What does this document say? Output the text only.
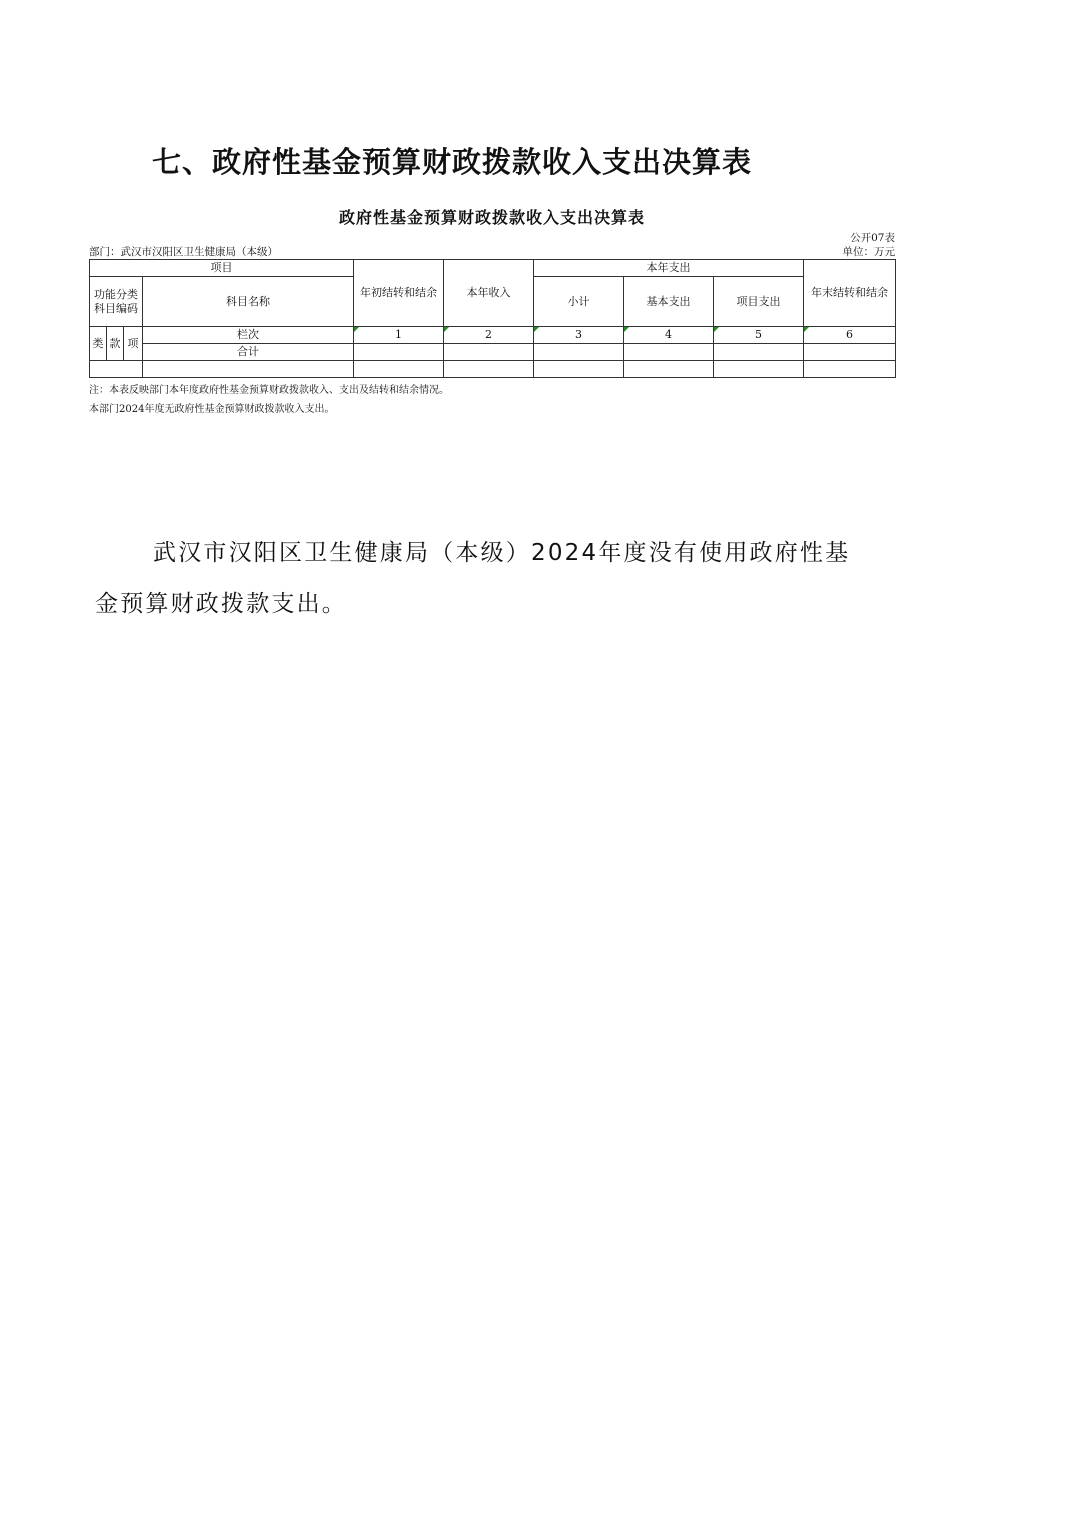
七、政府性基金预算财政拨款收入支出决算表
政府性基金预算财政拨款收入支出决算表
公开07表
部门：武汉市汉阳区卫生健康局（本级）	单位：万元
项目				年初结转和结余	本年收入	本年支出			年末结转和结余
功能分类科目编码			科目名称			小计	基本支出	项目支出	
类	款	项	栏次	1	2	3	4	5	6
			合计						

注：本表反映部门本年度政府性基金预算财政拨款收入、支出及结转和结余情况。
本部门2024年度无政府性基金预算财政拨款收入支出。
武汉市汉阳区卫生健康局（本级）2024年度没有使用政府性基
金预算财政拨款支出。
